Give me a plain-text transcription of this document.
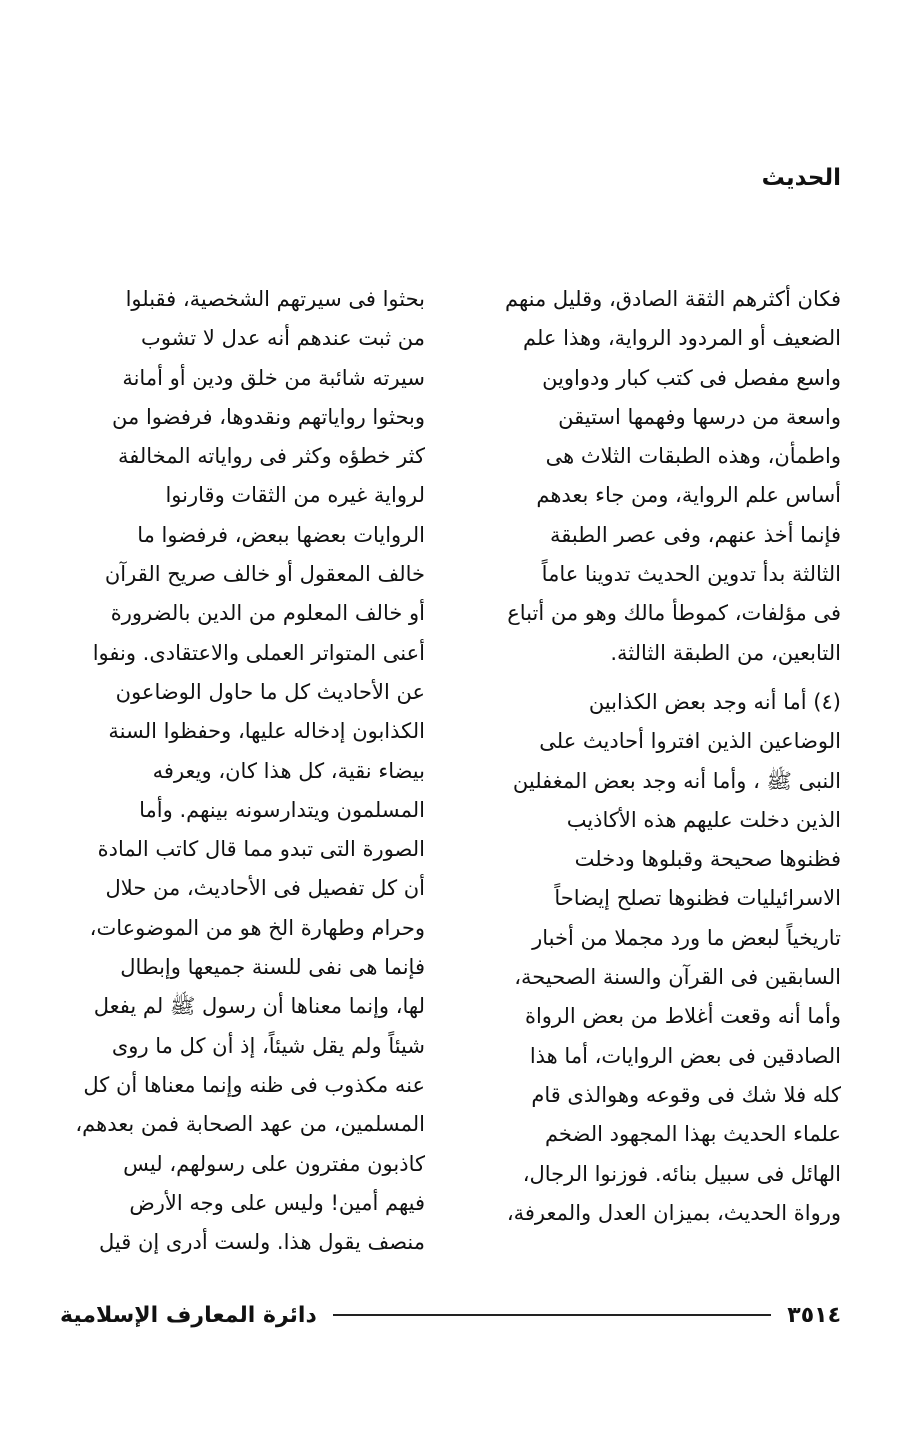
الحديث
فكان أكثرهم الثقة الصادق، وقليل منهم
الضعيف أو المردود الرواية، وهذا علم
واسع مفصل فى كتب كبار ودواوين
واسعة من درسها وفهمها استيقن
واطمأن، وهذه الطبقات الثلاث هى
أساس علم الرواية، ومن جاء بعدهم
فإنما أخذ عنهم، وفى عصر الطبقة
الثالثة بدأ تدوين الحديث تدوينا عاماً
فى مؤلفات، كموطأ مالك وهو من أتباع
التابعين، من الطبقة الثالثة.
(٤) أما أنه وجد بعض الكذابين
الوضاعين الذين افتروا أحاديث على
النبى ﷺ ، وأما أنه وجد بعض المغفلين
الذين دخلت عليهم هذه الأكاذيب
فظنوها صحيحة وقبلوها ودخلت
الاسرائيليات فظنوها تصلح إيضاحاً
تاريخياً لبعض ما ورد مجملا من أخبار
السابقين فى القرآن والسنة الصحيحة،
وأما أنه وقعت أغلاط من بعض الرواة
الصادقين فى بعض الروايات، أما هذا
كله فلا شك فى وقوعه وهوالذى قام
علماء الحديث بهذا المجهود الضخم
الهائل فى سبيل بنائه. فوزنوا الرجال،
ورواة الحديث، بميزان العدل والمعرفة،
بحثوا فى سيرتهم الشخصية، فقبلوا
من ثبت عندهم أنه عدل لا تشوب
سيرته شائبة من خلق ودين أو أمانة
وبحثوا رواياتهم ونقدوها، فرفضوا من
كثر خطؤه وكثر فى رواياته المخالفة
لرواية غيره من الثقات وقارنوا
الروايات بعضها ببعض، فرفضوا ما
خالف المعقول أو خالف صريح القرآن
أو خالف المعلوم من الدين بالضرورة
أعنى المتواتر العملى والاعتقادى. ونفوا
عن الأحاديث كل ما حاول الوضاعون
الكذابون إدخاله عليها، وحفظوا السنة
بيضاء نقية، كل هذا كان، ويعرفه
المسلمون ويتدارسونه بينهم. وأما
الصورة التى تبدو مما قال كاتب المادة
أن كل تفصيل فى الأحاديث، من حلال
وحرام وطهارة الخ هو من الموضوعات،
فإنما هى نفى للسنة جميعها وإبطال
لها، وإنما معناها أن رسول ﷺ لم يفعل
شيئاً ولم يقل شيئاً، إذ أن كل ما روى
عنه مكذوب فى ظنه وإنما معناها أن كل
المسلمين، من عهد الصحابة فمن بعدهم،
كاذبون مفترون على رسولهم، ليس
فيهم أمين! وليس على وجه الأرض
منصف يقول هذا. ولست أدرى إن قيل
٣٥١٤
دائرة المعارف الإسلامية
